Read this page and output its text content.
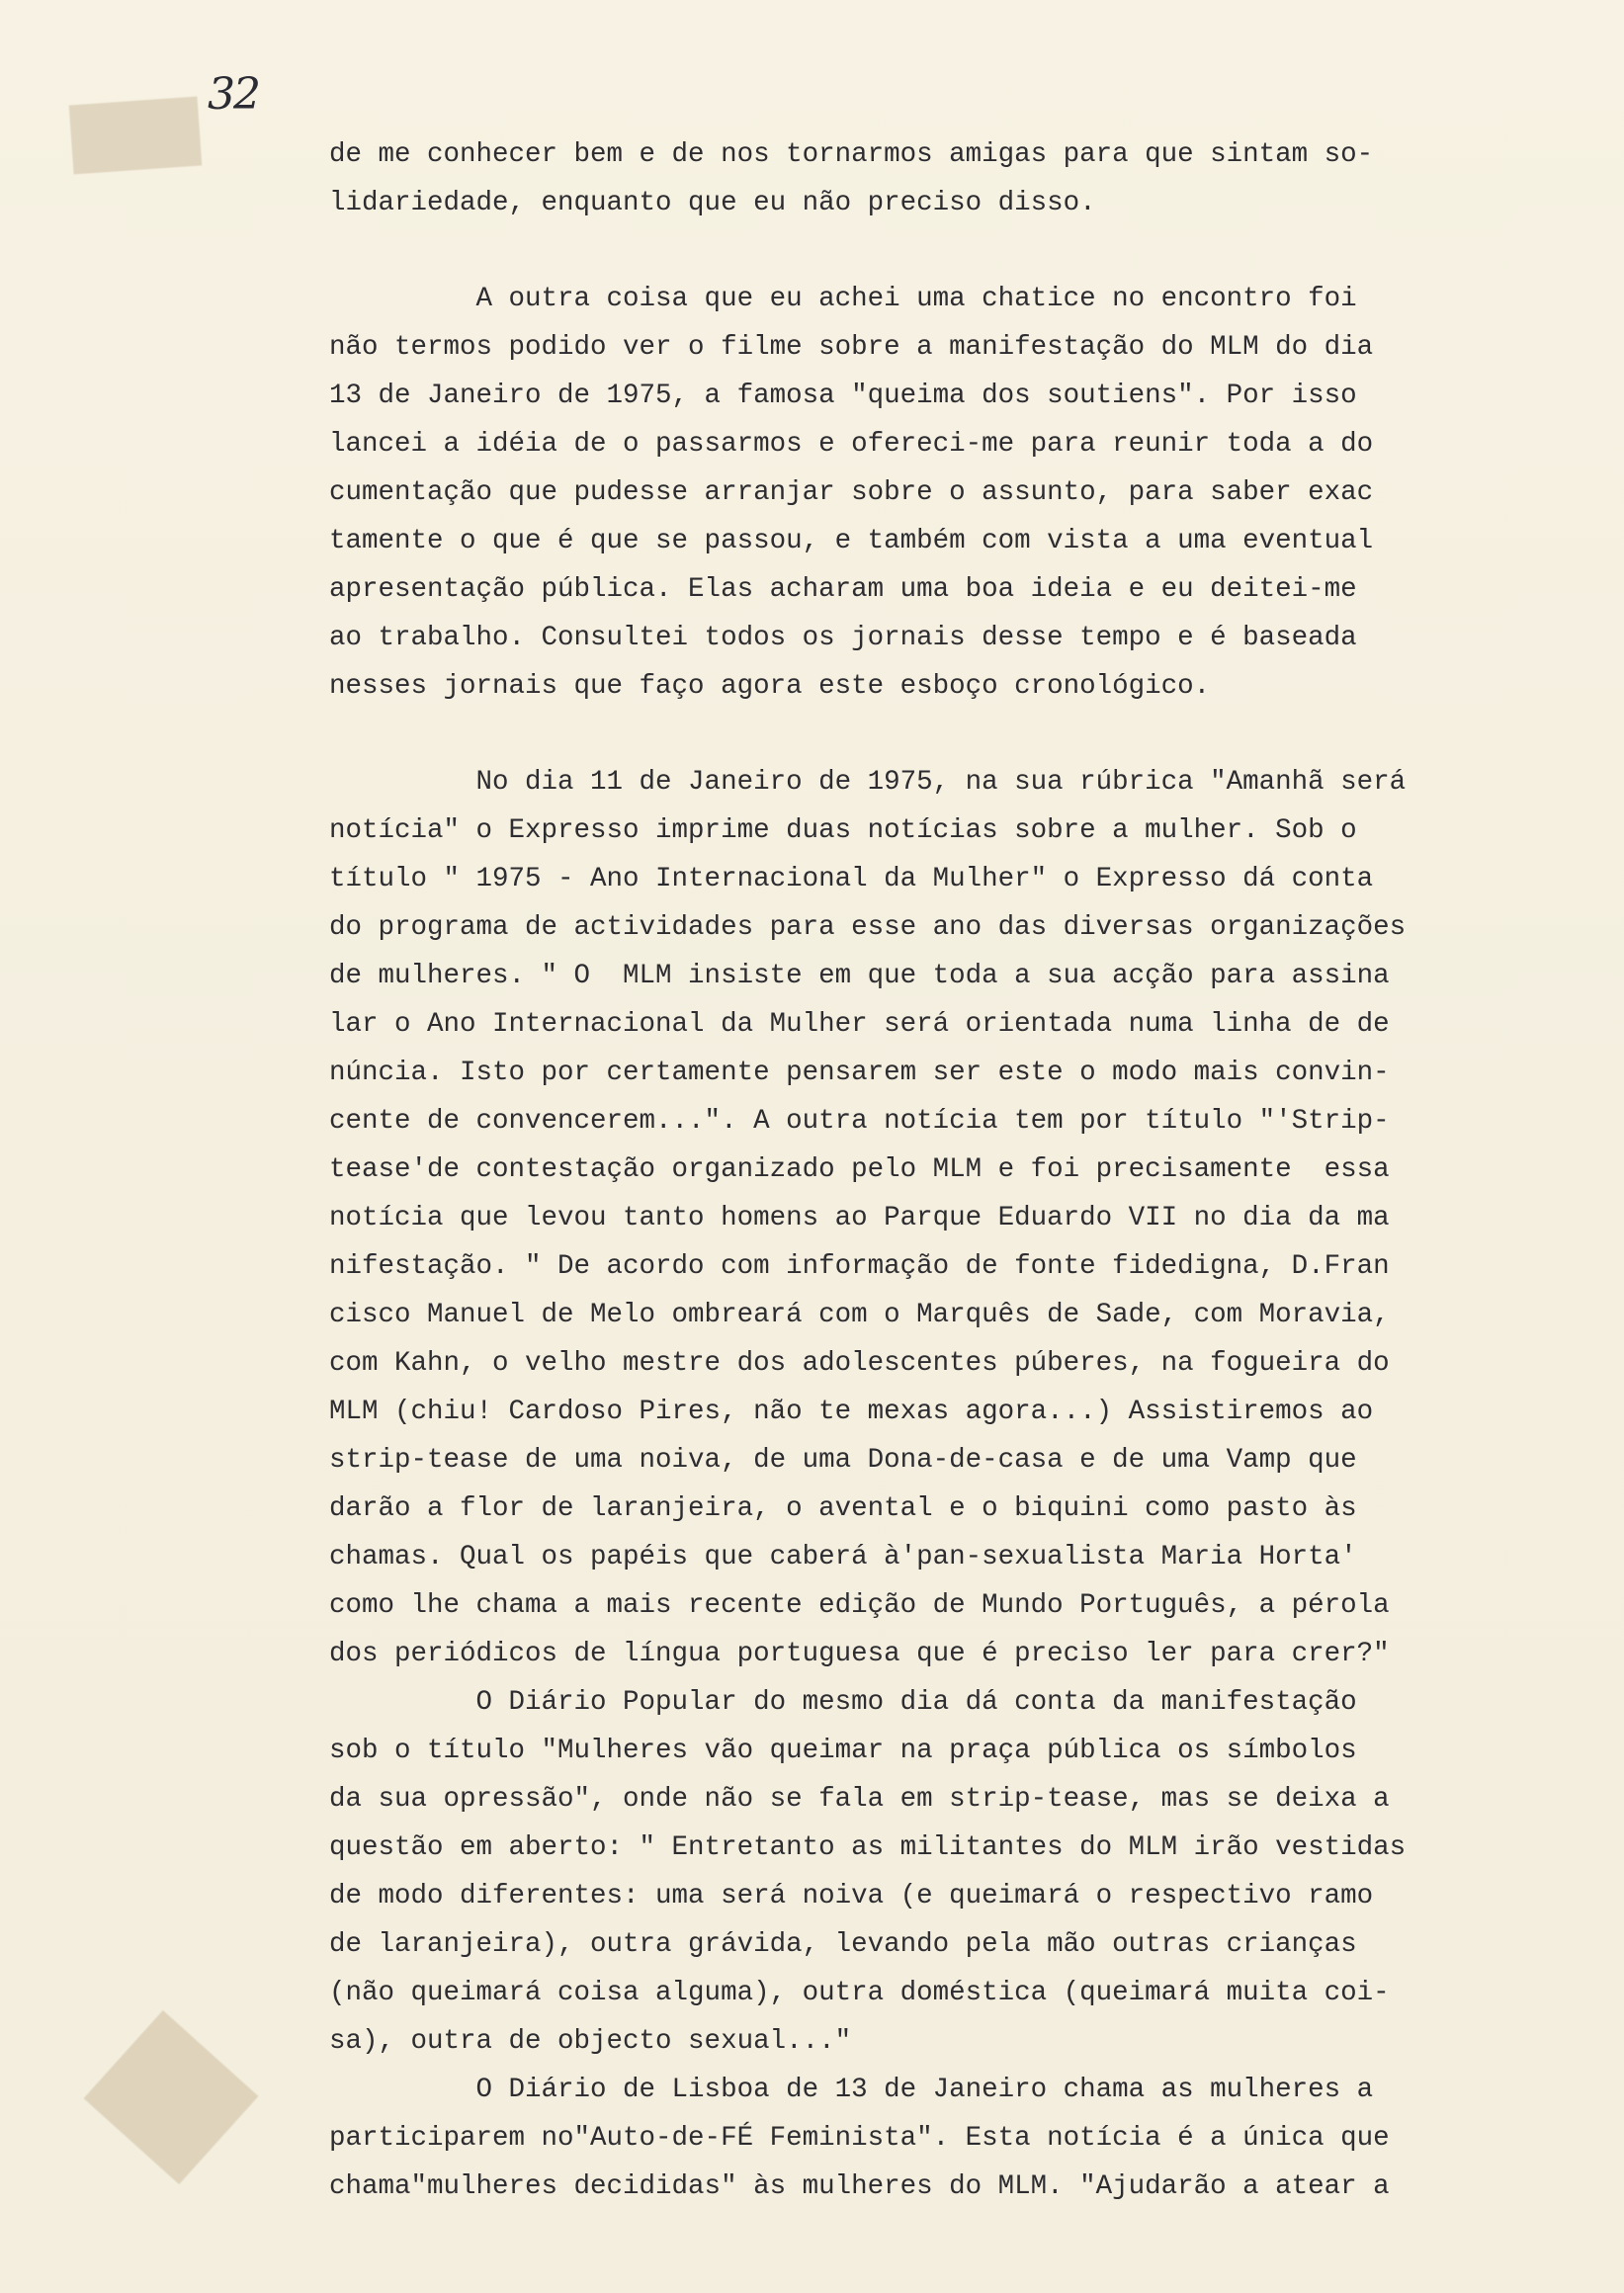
32
de me conhecer bem e de nos tornarmos amigas para que sintam so-
lidariedade, enquanto que eu não preciso disso.
A outra coisa que eu achei uma chatice no encontro foi
não termos podido ver o filme sobre a manifestação do MLM do dia
13 de Janeiro de 1975, a famosa "queima dos soutiens". Por isso
lancei a idéia de o passarmos e ofereci-me para reunir toda a do
cumentação que pudesse arranjar sobre o assunto, para saber exac
tamente o que é que se passou, e também com vista a uma eventual
apresentação pública. Elas acharam uma boa ideia e eu deitei-me
ao trabalho. Consultei todos os jornais desse tempo e é baseada
nesses jornais que faço agora este esboço cronológico.
No dia 11 de Janeiro de 1975, na sua rúbrica "Amanhã será
notícia" o Expresso imprime duas notícias sobre a mulher. Sob o
título " 1975 - Ano Internacional da Mulher" o Expresso dá conta
do programa de actividades para esse ano das diversas organizações
de mulheres. " O  MLM insiste em que toda a sua acção para assina
lar o Ano Internacional da Mulher será orientada numa linha de de
núncia. Isto por certamente pensarem ser este o modo mais convin-
cente de convencerem...". A outra notícia tem por título "'Strip-
tease'de contestação organizado pelo MLM e foi precisamente  essa
notícia que levou tanto homens ao Parque Eduardo VII no dia da ma
nifestação. " De acordo com informação de fonte fidedigna, D.Fran
cisco Manuel de Melo ombreará com o Marquês de Sade, com Moravia,
com Kahn, o velho mestre dos adolescentes púberes, na fogueira do
MLM (chiu! Cardoso Pires, não te mexas agora...) Assistiremos ao
strip-tease de uma noiva, de uma Dona-de-casa e de uma Vamp que
darão a flor de laranjeira, o avental e o biquini como pasto às
chamas. Qual os papéis que caberá à'pan-sexualista Maria Horta'
como lhe chama a mais recente edição de Mundo Português, a pérola
dos periódicos de língua portuguesa que é preciso ler para crer?"
O Diário Popular do mesmo dia dá conta da manifestação
sob o título "Mulheres vão queimar na praça pública os símbolos
da sua opressão", onde não se fala em strip-tease, mas se deixa a
questão em aberto: " Entretanto as militantes do MLM irão vestidas
de modo diferentes: uma será noiva (e queimará o respectivo ramo
de laranjeira), outra grávida, levando pela mão outras crianças
(não queimará coisa alguma), outra doméstica (queimará muita coi-
sa), outra de objecto sexual..."
O Diário de Lisboa de 13 de Janeiro chama as mulheres a
participarem no"Auto-de-FÉ Feminista". Esta notícia é a única que
chama"mulheres decididas" às mulheres do MLM. "Ajudarão a atear a
